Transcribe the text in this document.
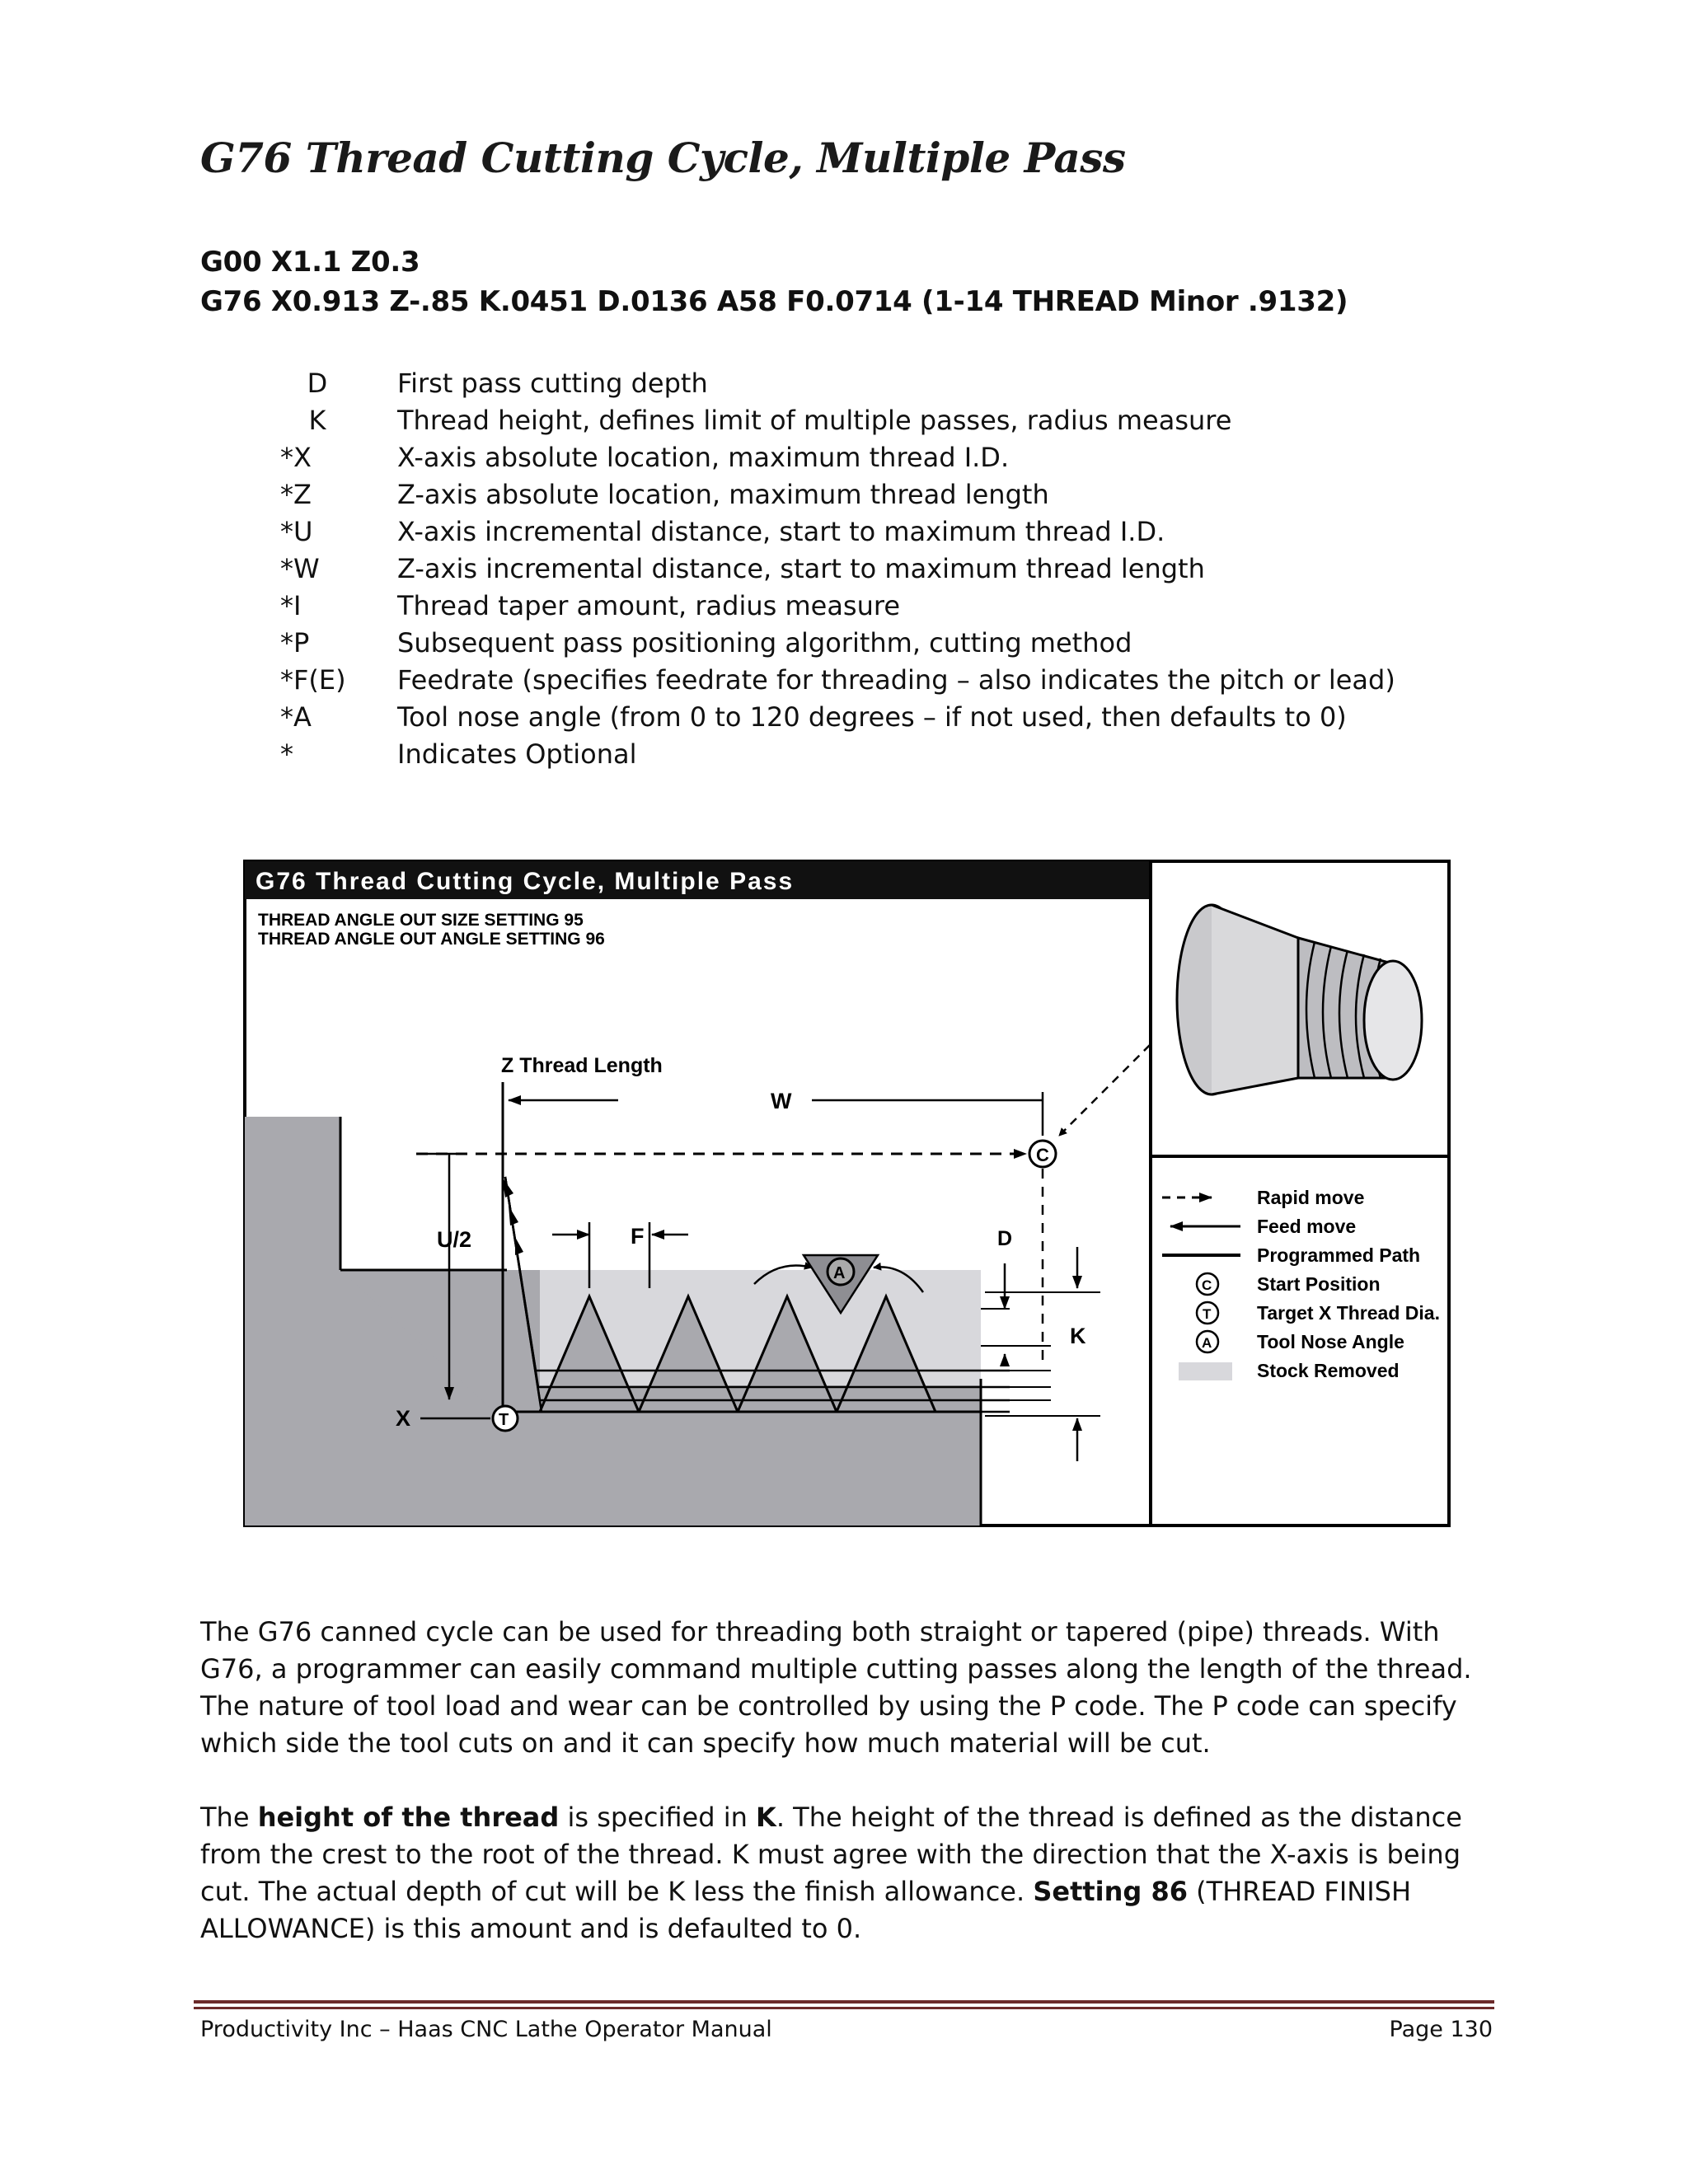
G76 Thread Cutting Cycle, Multiple Pass
G00 X1.1 Z0.3
G76 X0.913 Z-.85 K.0451 D.0136 A58 F0.0714 (1-14 THREAD Minor .9132)
D	First pass cutting depth
K	Thread height, defines limit of multiple passes, radius measure
*X	X-axis absolute location, maximum thread I.D.
*Z	Z-axis absolute location, maximum thread length
*U	X-axis incremental distance, start to maximum thread I.D.
*W	Z-axis incremental distance, start to maximum thread length
*I	Thread taper amount, radius measure
*P	Subsequent pass positioning algorithm, cutting method
*F(E)	Feedrate (specifies feedrate for threading – also indicates the pitch or lead)
*A	Tool nose angle (from 0 to 120 degrees – if not used, then defaults to 0)
*	Indicates Optional
G76 Thread Cutting Cycle, Multiple Pass
THREAD ANGLE OUT SIZE SETTING 95
THREAD ANGLE OUT ANGLE SETTING 96
Z Thread Length
W
C
U/2
X	T
F
A
D
K
Rapid move
Feed move
Programmed Path
C Start Position
T Target X Thread Dia.
A Tool Nose Angle
Stock Removed

The G76 canned cycle can be used for threading both straight or tapered (pipe) threads. With G76, a programmer can easily command multiple cutting passes along the length of the thread. The nature of tool load and wear can be controlled by using the P code. The P code can specify which side the tool cuts on and it can specify how much material will be cut.

The height of the thread is specified in K. The height of the thread is defined as the distance from the crest to the root of the thread. K must agree with the direction that the X-axis is being cut. The actual depth of cut will be K less the finish allowance. Setting 86 (THREAD FINISH ALLOWANCE) is this amount and is defaulted to 0.

Productivity Inc – Haas CNC Lathe Operator Manual	Page 130
